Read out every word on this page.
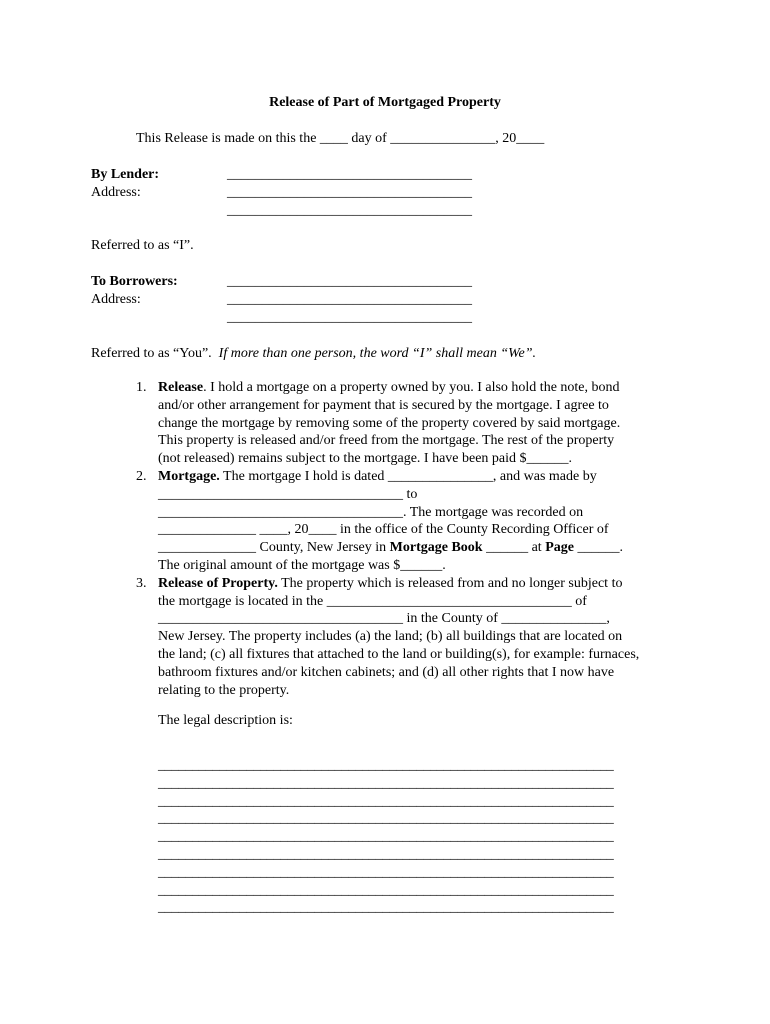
Release of Part of Mortgaged Property
This Release is made on this the ____ day of _______________, 20____
By Lender:
Address:
___________________________________
___________________________________
___________________________________
Referred to as “I”.
To Borrowers:
Address:
___________________________________
___________________________________
___________________________________
Referred to as “You”. If more than one person, the word “I” shall mean “We”.
1. Release. I hold a mortgage on a property owned by you. I also hold the note, bond
and/or other arrangement for payment that is secured by the mortgage. I agree to
change the mortgage by removing some of the property covered by said mortgage.
This property is released and/or freed from the mortgage. The rest of the property
(not released) remains subject to the mortgage. I have been paid $______.
2. Mortgage. The mortgage I hold is dated _______________, and was made by
___________________________________ to
___________________________________. The mortgage was recorded on
______________ ____, 20____ in the office of the County Recording Officer of
______________ County, New Jersey in Mortgage Book ______ at Page ______.
The original amount of the mortgage was $______.
3. Release of Property. The property which is released from and no longer subject to
the mortgage is located in the ___________________________________ of
___________________________________ in the County of _______________,
New Jersey. The property includes (a) the land; (b) all buildings that are located on
the land; (c) all fixtures that attached to the land or building(s), for example: furnaces,
bathroom fixtures and/or kitchen cabinets; and (d) all other rights that I now have
relating to the property.
The legal description is:
___________________________________________________________________
___________________________________________________________________
___________________________________________________________________
___________________________________________________________________
___________________________________________________________________
___________________________________________________________________
___________________________________________________________________
___________________________________________________________________
___________________________________________________________________
